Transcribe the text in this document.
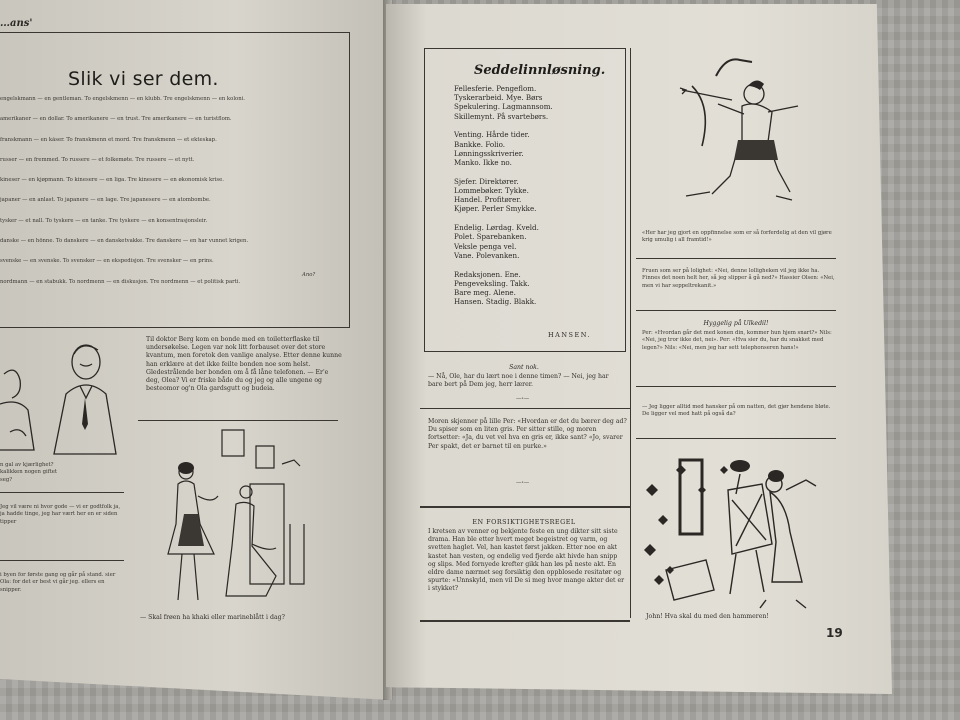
…ans'
Slik vi ser dem.
engelskmann — en gentleman. To engelskmenn — en klubb. Tre engelskmenn — en koloni.
amerikaner — en dollar. To amerikanere — en trust. Tre amerikanere — en turistflom.
franskmann — en kåser. To franskmenn et mord. Tre franskmenn — et ekteskap.
russer — en fremmed. To russere — et folkemøte. Tre russere — et nytt.
kineser — en kjøpmann. To kinesere — en liga. Tre kinesere — en økonomisk krise.
japaner — en anlast. To japanere — en lage. Tre japanesere — en atombombe.
tysker — et nall. To tyskere — en tanke. Tre tyskere — en konsentrasjonsleir.
danske — en hönne. To danskere — en dansketvakke. Tre danskere — en har vunnet krigen.
svenske — en svenske. To svensker — en ekspedisjon. Tre svensker — en prins.
nordmann — en stabukk. To nordmenn — en diskusjon. Tre nordmenn — et politisk parti.
Ano?
Til doktor Berg kom en bonde med en toiletterflaske til undersøkelse. Legen var nok litt forbauset over det store kvantum, men foretok den vanlige analyse. Etter denne kunne han erklære at det ikke feilte bonden noe som helst. Gledestrålende ber bonden om å få låne telefonen. — Er'e deg, Olea? Vi er friske både du og jeg og alle ungene og besteomor og'n Ola gardsgutt og budeia.
n gal av kjærlighet? kalikken nogen giftet seg?
Jeg vil være ni hvor gode — vi er godtfolk ja, ja hadde tinge, jeg har vært her en er siden tipper
i byen for første gang og går på stand. sier Ola: for det er best vi går jeg. ellers en snipper.
— Skal frøen ha khaki eller marineblått i dag?
Seddelinnløsning.
Fellesferie. Pengeflom.
Tyskerarbeid. Mye. Børs
Spekulering. Lagmannsom.
Skillemynt. På svartebørs.
Venting. Hårde tider.
Bankke. Folio.
Lønningsskriverier.
Manko. Ikke no.
Sjefer. Direktører.
Lommebøker. Tykke.
Handel. Profitører.
Kjøper. Perler Smykke.
Endelig. Lørdag. Kveld.
Polet. Sparebanken.
Veksle penga vel.
Vane. Polevanken.
Redaksjonen. Ene.
Pengeveksling. Takk.
Bare meg. Alene.
Hansen. Stadig. Blakk.
HANSEN.
Sant nok.
— Nå, Ole, har du lært noe i denne timen? — Nei, jeg har bare bert på Dem jeg, herr lærer.
—∘—
Moren skjenner på lille Per: «Hvordan er det du bærer deg ad? Du spiser som en liten gris. Per sitter stille, og moren fortsetter: «Ja, du vet vel hva en gris er, ikke sant? «Jo, svarer Per spakt, det er barnet til en purke.»
—∘—
EN FORSIKTIGHETSREGEL
I kretsen av venner og bekjente feste en ung dikter sitt siste drama. Han ble etter hvert meget begeistret og varm, og svetten haglet. Vel, han kastet først jakken. Etter noe en akt kastet han vesten, og endelig ved fjerde akt hivde han snipp og slips. Med fornyede krefter gikk han løs på neste akt. En eldre dame nærmet seg forsiktig den oppblosede resitatør og spurte: «Unnskyld, men vil De si meg hvor mange akter det er i stykket?
«Her har jeg gjort en oppfinnelse som er så forferdelig at den vil gjøre krig umulig i all framtid!»
Fruen som ser på lolighet: «Nei, denne lolligheken vil jeg ikke ha. Finnes det noen helt her, så jeg slipper å gå ned?» Hassier Olsen: «Nei, men vi har seppeltrekanit.»
Hyggelig på Ulkedil!
Per: «Hvordan går det med konen din, kommer hun hjem snart?» Nils: «Nei, jeg tror ikke det, nei». Per: «Hva sier du, har du snakket med legen?» Nils: «Nei, men jeg har sett telephonseren hans!»
— Jeg ligger alltid med hansker på om natten, det gjør hendene bløte. De ligger vel med hatt på også da?
John! Hva skal du med den hammeren!
19
